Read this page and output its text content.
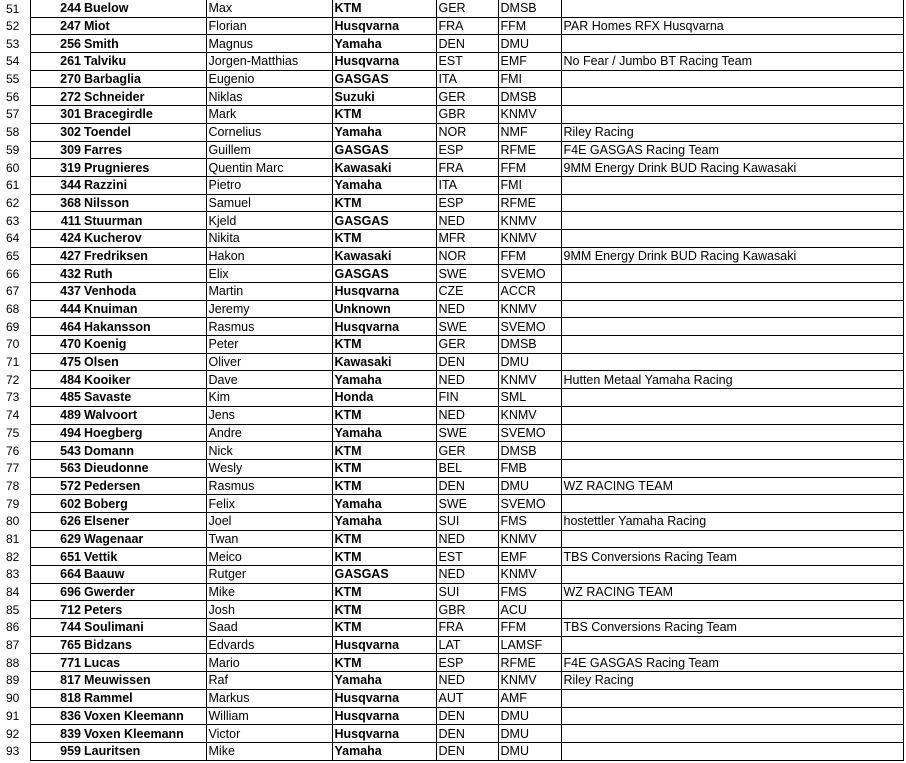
51	244	Buelow	Max	KTM	GER	DMSB	
52	247	Miot	Florian	Husqvarna	FRA	FFM	PAR Homes RFX Husqvarna
53	256	Smith	Magnus	Yamaha	DEN	DMU	
54	261	Talviku	Jorgen-Matthias	Husqvarna	EST	EMF	No Fear / Jumbo BT Racing Team
55	270	Barbaglia	Eugenio	GASGAS	ITA	FMI	
56	272	Schneider	Niklas	Suzuki	GER	DMSB	
57	301	Bracegirdle	Mark	KTM	GBR	KNMV	
58	302	Toendel	Cornelius	Yamaha	NOR	NMF	Riley Racing
59	309	Farres	Guillem	GASGAS	ESP	RFME	F4E GASGAS Racing Team
60	319	Prugnieres	Quentin Marc	Kawasaki	FRA	FFM	9MM Energy Drink BUD Racing Kawasaki
61	344	Razzini	Pietro	Yamaha	ITA	FMI	
62	368	Nilsson	Samuel	KTM	ESP	RFME	
63	411	Stuurman	Kjeld	GASGAS	NED	KNMV	
64	424	Kucherov	Nikita	KTM	MFR	KNMV	
65	427	Fredriksen	Hakon	Kawasaki	NOR	FFM	9MM Energy Drink BUD Racing Kawasaki
66	432	Ruth	Elix	GASGAS	SWE	SVEMO	
67	437	Venhoda	Martin	Husqvarna	CZE	ACCR	
68	444	Knuiman	Jeremy	Unknown	NED	KNMV	
69	464	Hakansson	Rasmus	Husqvarna	SWE	SVEMO	
70	470	Koenig	Peter	KTM	GER	DMSB	
71	475	Olsen	Oliver	Kawasaki	DEN	DMU	
72	484	Kooiker	Dave	Yamaha	NED	KNMV	Hutten Metaal Yamaha Racing
73	485	Savaste	Kim	Honda	FIN	SML	
74	489	Walvoort	Jens	KTM	NED	KNMV	
75	494	Hoegberg	Andre	Yamaha	SWE	SVEMO	
76	543	Domann	Nick	KTM	GER	DMSB	
77	563	Dieudonne	Wesly	KTM	BEL	FMB	
78	572	Pedersen	Rasmus	KTM	DEN	DMU	WZ RACING TEAM
79	602	Boberg	Felix	Yamaha	SWE	SVEMO	
80	626	Elsener	Joel	Yamaha	SUI	FMS	hostettler Yamaha Racing
81	629	Wagenaar	Twan	KTM	NED	KNMV	
82	651	Vettik	Meico	KTM	EST	EMF	TBS Conversions Racing Team
83	664	Baauw	Rutger	GASGAS	NED	KNMV	
84	696	Gwerder	Mike	KTM	SUI	FMS	WZ RACING TEAM
85	712	Peters	Josh	KTM	GBR	ACU	
86	744	Soulimani	Saad	KTM	FRA	FFM	TBS Conversions Racing Team
87	765	Bidzans	Edvards	Husqvarna	LAT	LAMSF	
88	771	Lucas	Mario	KTM	ESP	RFME	F4E GASGAS Racing Team
89	817	Meuwissen	Raf	Yamaha	NED	KNMV	Riley Racing
90	818	Rammel	Markus	Husqvarna	AUT	AMF	
91	836	Voxen Kleemann	William	Husqvarna	DEN	DMU	
92	839	Voxen Kleemann	Victor	Husqvarna	DEN	DMU	
93	959	Lauritsen	Mike	Yamaha	DEN	DMU	
